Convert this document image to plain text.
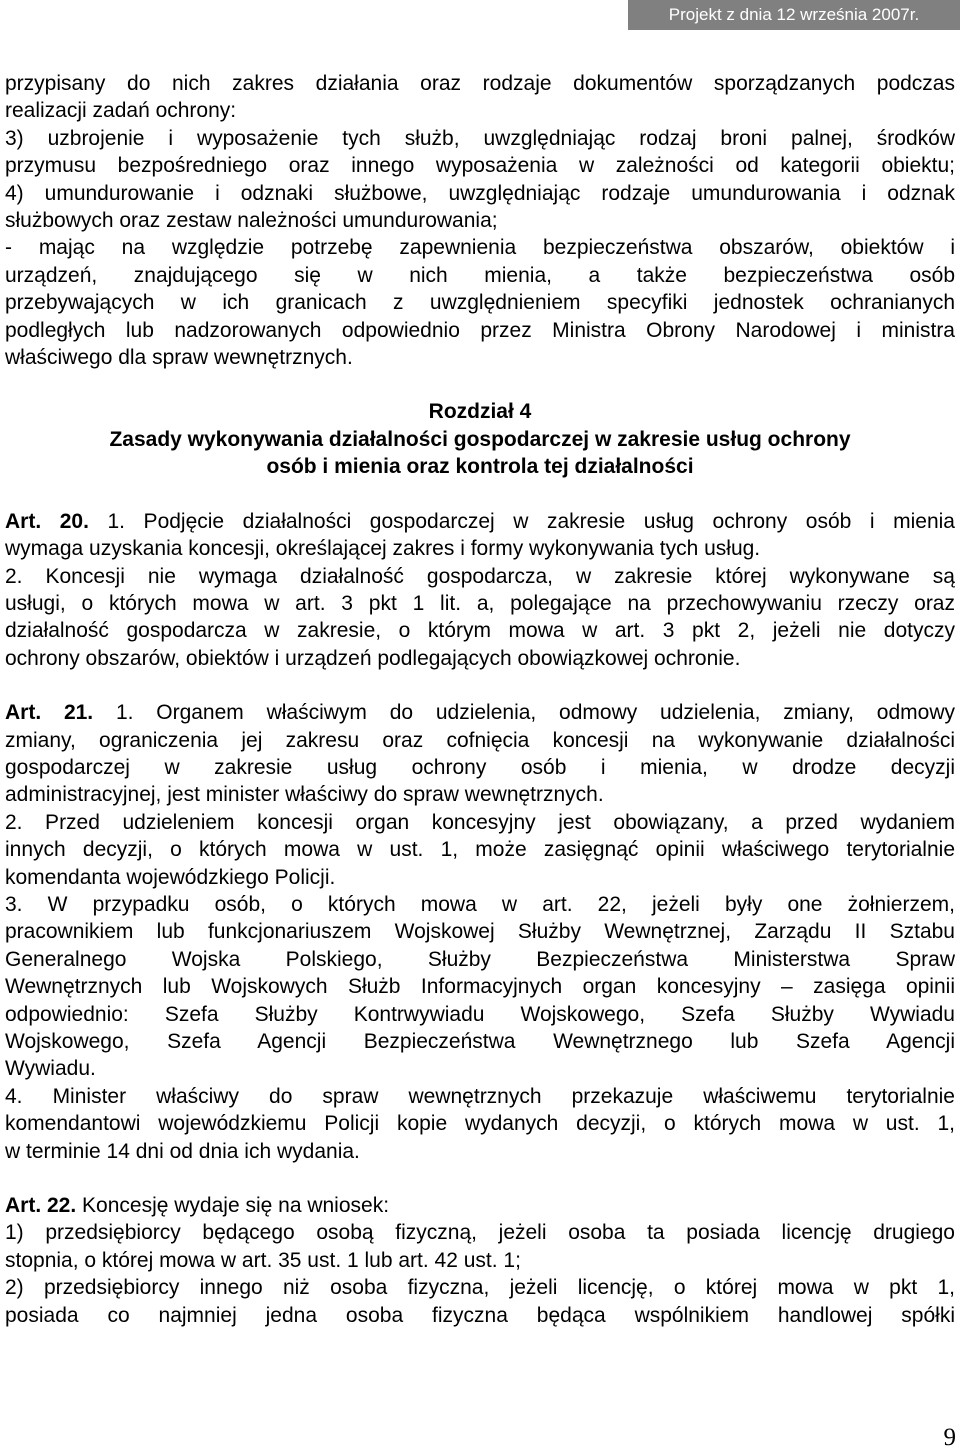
Projekt z dnia 12 września 2007r.

przypisany do nich zakres działania oraz rodzaje dokumentów sporządzanych podczas

realizacji zadań ochrony:

3) uzbrojenie i wyposażenie tych służb, uwzględniając rodzaj broni palnej, środków

przymusu bezpośredniego oraz innego wyposażenia w zależności od kategorii obiektu;

4) umundurowanie i odznaki służbowe, uwzględniając rodzaje umundurowania i odznak

służbowych oraz zestaw należności umundurowania;

- mając na względzie potrzebę zapewnienia bezpieczeństwa obszarów, obiektów i

urządzeń, znajdującego się w nich mienia, a także bezpieczeństwa osób

przebywających w ich granicach z uwzględnieniem specyfiki jednostek ochranianych

podległych lub nadzorowanych odpowiednio przez Ministra Obrony Narodowej i ministra

właściwego dla spraw wewnętrznych.

Rozdział 4

Zasady wykonywania działalności gospodarczej w zakresie usług ochrony

osób i mienia oraz kontrola tej działalności

Art. 20. 1. Podjęcie działalności gospodarczej w zakresie usług ochrony osób i mienia

wymaga uzyskania koncesji, określającej zakres i formy wykonywania tych usług.

2. Koncesji nie wymaga działalność gospodarcza, w zakresie której wykonywane są

usługi, o których mowa w art. 3 pkt 1 lit. a, polegające na przechowywaniu rzeczy oraz

działalność gospodarcza w zakresie, o którym mowa w art. 3 pkt 2, jeżeli nie dotyczy

ochrony obszarów, obiektów i urządzeń podlegających obowiązkowej ochronie.

Art. 21. 1. Organem właściwym do udzielenia, odmowy udzielenia, zmiany, odmowy

zmiany, ograniczenia jej zakresu oraz cofnięcia koncesji na wykonywanie działalności

gospodarczej w zakresie usług ochrony osób i mienia, w drodze decyzji

administracyjnej, jest minister właściwy do spraw wewnętrznych.

2. Przed udzieleniem koncesji organ koncesyjny jest obowiązany, a przed wydaniem

innych decyzji, o których mowa w ust. 1, może zasięgnąć opinii właściwego terytorialnie

komendanta wojewódzkiego Policji.

3. W przypadku osób, o których mowa w art. 22, jeżeli były one żołnierzem,

pracownikiem lub funkcjonariuszem Wojskowej Służby Wewnętrznej, Zarządu II Sztabu

Generalnego Wojska Polskiego, Służby Bezpieczeństwa Ministerstwa Spraw

Wewnętrznych lub Wojskowych Służb Informacyjnych organ koncesyjny – zasięga opinii

odpowiednio: Szefa Służby Kontrwywiadu Wojskowego, Szefa Służby Wywiadu

Wojskowego, Szefa Agencji Bezpieczeństwa Wewnętrznego lub Szefa Agencji

Wywiadu.

4. Minister właściwy do spraw wewnętrznych przekazuje właściwemu terytorialnie

komendantowi wojewódzkiemu Policji kopie wydanych decyzji, o których mowa w ust. 1,

w terminie 14 dni od dnia ich wydania.

Art. 22. Koncesję wydaje się na wniosek:

1) przedsiębiorcy będącego osobą fizyczną, jeżeli osoba ta posiada licencję drugiego

stopnia, o której mowa w art. 35 ust. 1 lub art. 42 ust. 1;

2) przedsiębiorcy innego niż osoba fizyczna, jeżeli licencję, o której mowa w pkt 1,

posiada co najmniej jedna osoba fizyczna będąca wspólnikiem handlowej spółki

9
